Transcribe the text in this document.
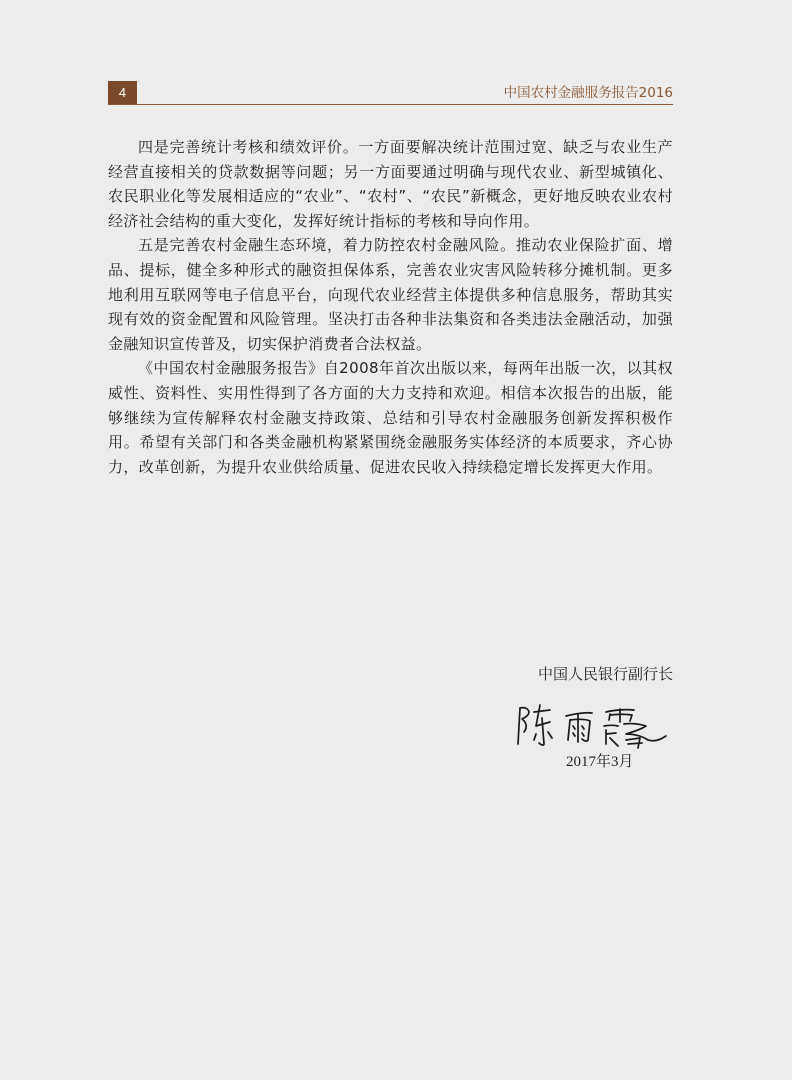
4	中国农村金融服务报告2016

四是完善统计考核和绩效评价。一方面要解决统计范围过宽、缺乏与农业生产经营直接相关的贷款数据等问题；另一方面要通过明确与现代农业、新型城镇化、农民职业化等发展相适应的“农业”、“农村”、“农民”新概念，更好地反映农业农村经济社会结构的重大变化，发挥好统计指标的考核和导向作用。

五是完善农村金融生态环境，着力防控农村金融风险。推动农业保险扩面、增品、提标，健全多种形式的融资担保体系，完善农业灾害风险转移分摊机制。更多地利用互联网等电子信息平台，向现代农业经营主体提供多种信息服务，帮助其实现有效的资金配置和风险管理。坚决打击各种非法集资和各类违法金融活动，加强金融知识宣传普及，切实保护消费者合法权益。

《中国农村金融服务报告》自2008年首次出版以来，每两年出版一次，以其权威性、资料性、实用性得到了各方面的大力支持和欢迎。相信本次报告的出版，能够继续为宣传解释农村金融支持政策、总结和引导农村金融服务创新发挥积极作用。希望有关部门和各类金融机构紧紧围绕金融服务实体经济的本质要求，齐心协力，改革创新，为提升农业供给质量、促进农民收入持续稳定增长发挥更大作用。

中国人民银行副行长
2017年3月
